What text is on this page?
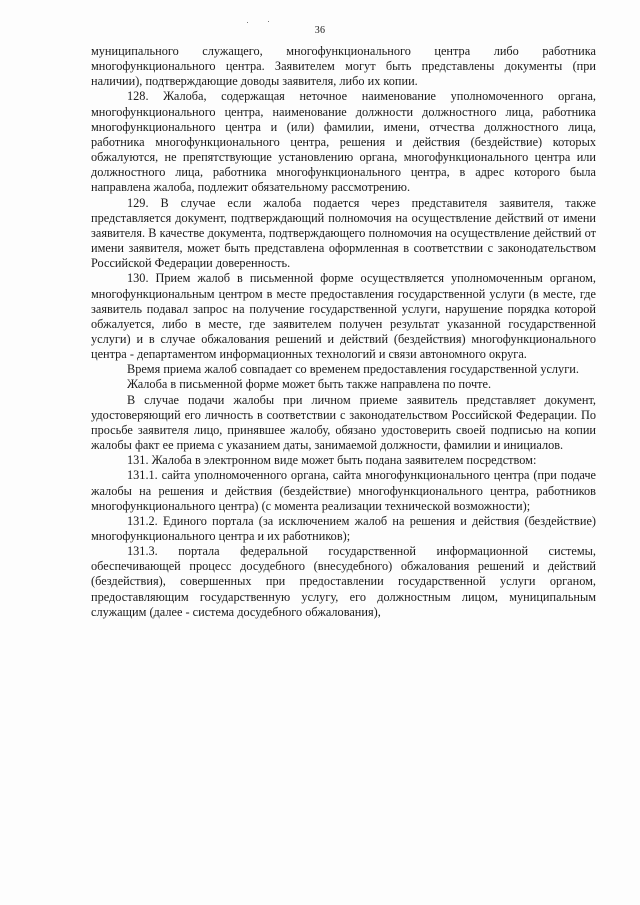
36

муниципального служащего, многофункционального центра либо работника многофункционального центра. Заявителем могут быть представлены документы (при наличии), подтверждающие доводы заявителя, либо их копии.

128. Жалоба, содержащая неточное наименование уполномоченного органа, многофункционального центра, наименование должности должностного лица, работника многофункционального центра и (или) фамилии, имени, отчества должностного лица, работника многофункционального центра, решения и действия (бездействие) которых обжалуются, не препятствующие установлению органа, многофункционального центра или должностного лица, работника многофункционального центра, в адрес которого была направлена жалоба, подлежит обязательному рассмотрению.

129. В случае если жалоба подается через представителя заявителя, также представляется документ, подтверждающий полномочия на осуществление действий от имени заявителя. В качестве документа, подтверждающего полномочия на осуществление действий от имени заявителя, может быть представлена оформленная в соответствии с законодательством Российской Федерации доверенность.

130. Прием жалоб в письменной форме осуществляется уполномоченным органом, многофункциональным центром в месте предоставления государственной услуги (в месте, где заявитель подавал запрос на получение государственной услуги, нарушение порядка которой обжалуется, либо в месте, где заявителем получен результат указанной государственной услуги) и в случае обжалования решений и действий (бездействия) многофункционального центра - департаментом информационных технологий и связи автономного округа.

Время приема жалоб совпадает со временем предоставления государственной услуги.

Жалоба в письменной форме может быть также направлена по почте.

В случае подачи жалобы при личном приеме заявитель представляет документ, удостоверяющий его личность в соответствии с законодательством Российской Федерации. По просьбе заявителя лицо, принявшее жалобу, обязано удостоверить своей подписью на копии жалобы факт ее приема с указанием даты, занимаемой должности, фамилии и инициалов.

131. Жалоба в электронном виде может быть подана заявителем посредством:

131.1. сайта уполномоченного органа, сайта многофункционального центра (при подаче жалобы на решения и действия (бездействие) многофункционального центра, работников многофункционального центра) (с момента реализации технической возможности);

131.2. Единого портала (за исключением жалоб на решения и действия (бездействие) многофункционального центра и их работников);

131.3. портала федеральной государственной информационной системы, обеспечивающей процесс досудебного (внесудебного) обжалования решений и действий (бездействия), совершенных при предоставлении государственной услуги органом, предоставляющим государственную услугу, его должностным лицом, муниципальным служащим (далее - система досудебного обжалования),
